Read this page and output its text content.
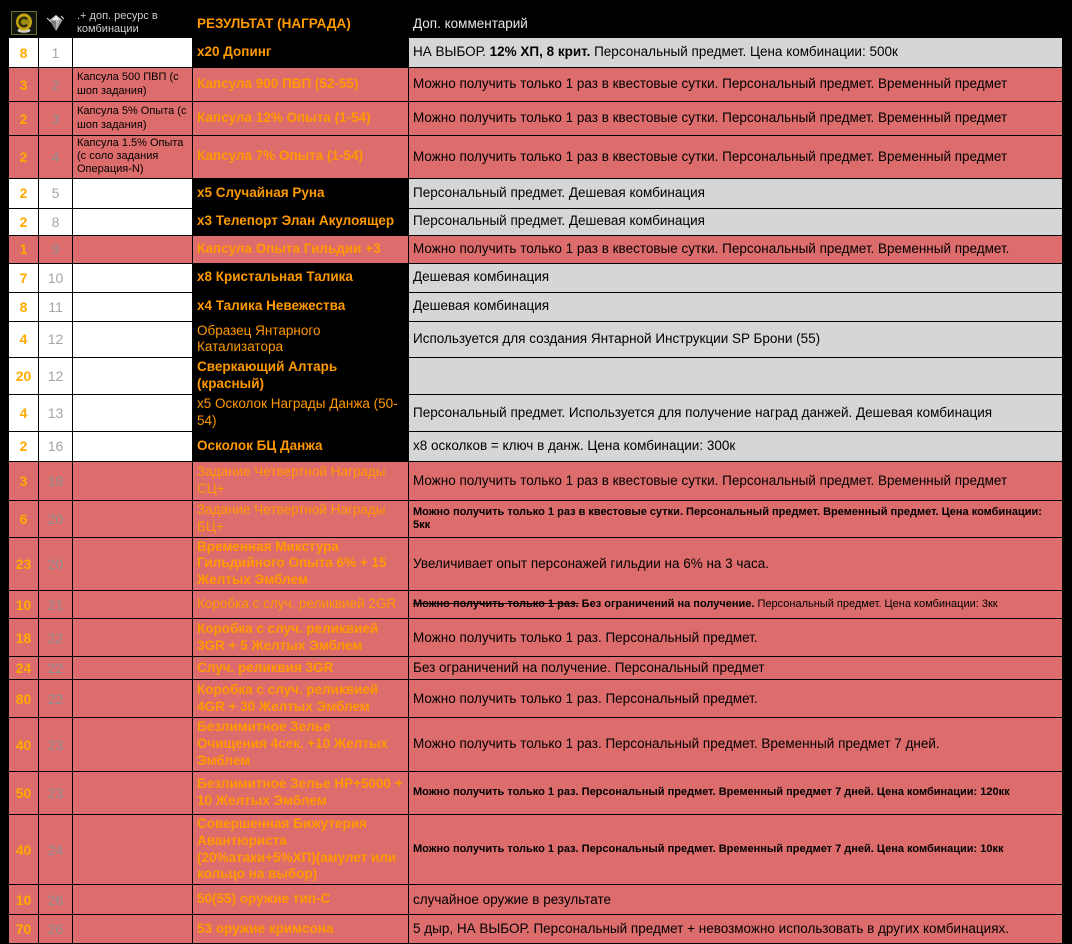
	.+ доп. ресурс в комбинации	РЕЗУЛЬТАТ (НАГРАДА)	Доп. комментарий
8	1		x20 Допинг	НА ВЫБОР. 12% ХП, 8 крит. Персональный предмет. Цена комбинации: 500к
3	2	Капсула 500 ПВП (с шоп задания)	Капсула 900 ПВП (52-55)	Можно получить только 1 раз в квестовые сутки. Персональный предмет. Временный предмет
2	3	Капсула 5% Опыта (с шоп задания)	Капсула 12% Опыта (1-54)	Можно получить только 1 раз в квестовые сутки. Персональный предмет. Временный предмет
2	4	Капсула 1.5% Опыта (с соло задания Операция-N)	Капсула 7% Опыта (1-54)	Можно получить только 1 раз в квестовые сутки. Персональный предмет. Временный предмет
2	5		x5 Случайная Руна	Персональный предмет. Дешевая комбинация
2	8		x3 Телепорт Элан Акулоящер	Персональный предмет. Дешевая комбинация
1	9		Капсула Опыта Гильдии +3	Можно получить только 1 раз в квестовые сутки. Персональный предмет. Временный предмет.
7	10		x8 Кристальная Талика	Дешевая комбинация
8	11		x4 Талика Невежества	Дешевая комбинация
4	12		Образец Янтарного Катализатора	Используется для создания Янтарной Инструкции SP Брони (55)
20	12		Сверкающий Алтарь (красный)	
4	13		x5 Осколок Награды Данжа (50-54)	Персональный предмет. Используется для получение наград данжей. Дешевая комбинация
2	16		Осколок БЦ Данжа	x8 осколков = ключ в данж. Цена комбинации: 300к
3	19		Задание Четвертной Награды СЦ+	Можно получить только 1 раз в квестовые сутки. Персональный предмет. Временный предмет
6	20		Задание Четвертной Награды БЦ+	Можно получить только 1 раз в квестовые сутки. Персональный предмет. Временный предмет. Цена комбинации: 5кк
23	20		Временная Микстура Гильдийного Опыта 6% + 15 Желтых Эмблем	Увеличивает опыт персонажей гильдии на 6% на 3 часа.
10	21		Коробка с случ. реликвией 2GR	Можно получить только 1 раз. Без ограничений на получение. Персональный предмет. Цена комбинации: 3кк
18	22		Коробка с случ. реликвией 3GR + 5 Желтых Эмблем	Можно получить только 1 раз. Персональный предмет.
24	22		Случ. реликвия 3GR	Без ограничений на получение. Персональный предмет
80	22		Коробка с случ. реликвией 4GR + 30 Желтых Эмблем	Можно получить только 1 раз. Персональный предмет.
40	23		Безлимитное Зелье Очищения 4сек. +10 Желтых Эмблем	Можно получить только 1 раз. Персональный предмет. Временный предмет 7 дней.
50	23		Безлимитное Зелье HP+5000 + 10 Желтых Эмблем	Можно получить только 1 раз. Персональный предмет. Временный предмет 7 дней. Цена комбинации: 120кк
40	24		Совершенная Бижутерия Авантюриста (20%атаки+5%ХП)(амулет или кольцо на выбор)	Можно получить только 1 раз. Персональный предмет. Временный предмет 7 дней. Цена комбинации: 10кк
10	26		50(55) оружие тип-С	случайное оружие в результате
70	26		53 оружие кримсона	5 дыр, НА ВЫБОР. Персональный предмет + невозможно использовать в других комбинациях.
